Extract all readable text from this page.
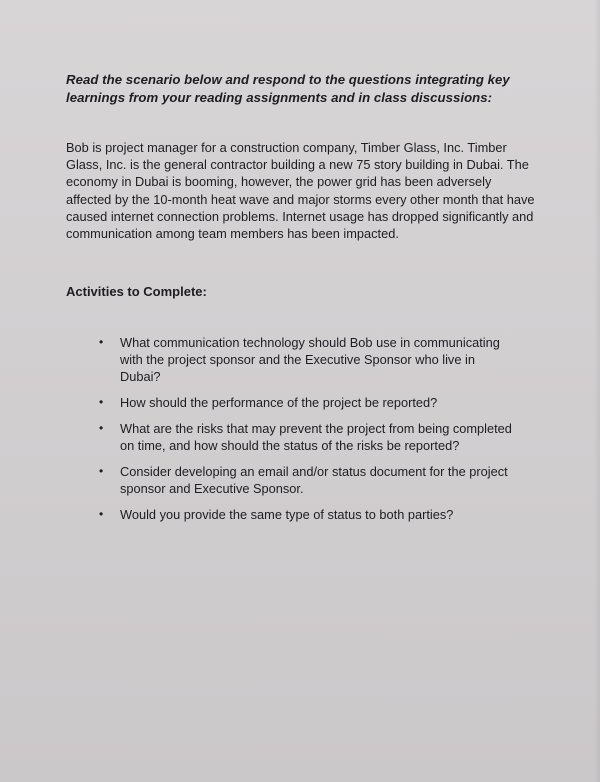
Read the scenario below and respond to the questions integrating key learnings from your reading assignments and in class discussions:

Bob is project manager for a construction company, Timber Glass, Inc. Timber Glass, Inc. is the general contractor building a new 75 story building in Dubai. The economy in Dubai is booming, however, the power grid has been adversely affected by the 10-month heat wave and major storms every other month that have caused internet connection problems. Internet usage has dropped significantly and communication among team members has been impacted.

Activities to Complete:

• What communication technology should Bob use in communicating with the project sponsor and the Executive Sponsor who live in Dubai?
• How should the performance of the project be reported?
• What are the risks that may prevent the project from being completed on time, and how should the status of the risks be reported?
• Consider developing an email and/or status document for the project sponsor and Executive Sponsor.
• Would you provide the same type of status to both parties?
